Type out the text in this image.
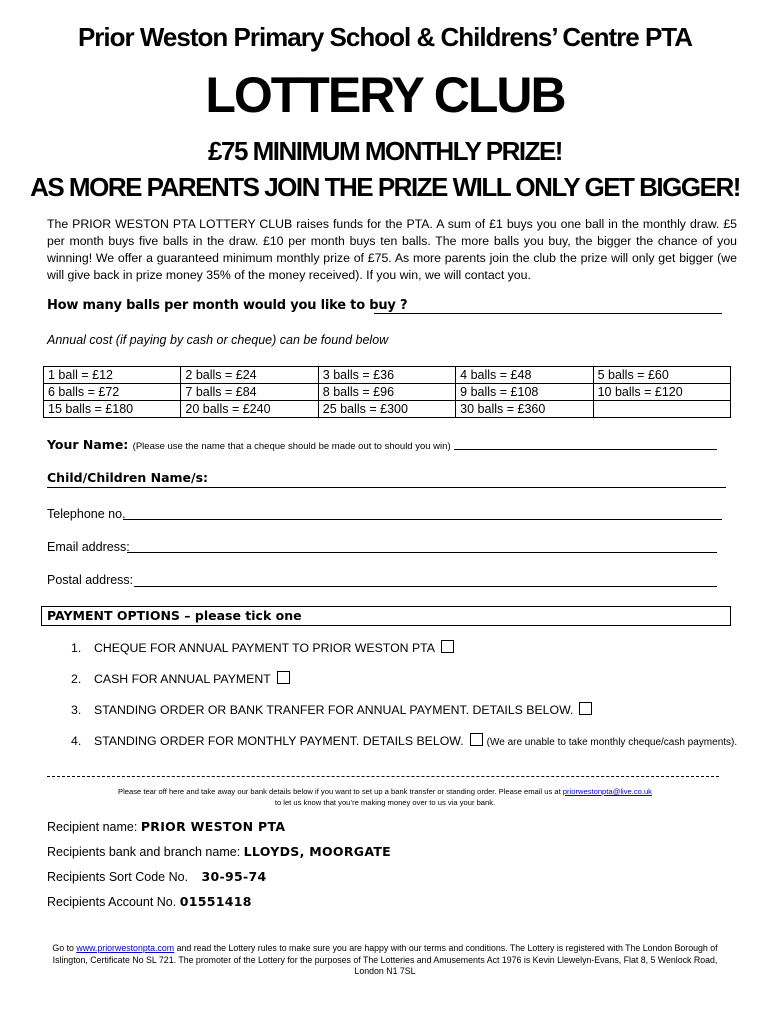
Prior Weston Primary School & Childrens’ Centre PTA
LOTTERY CLUB
£75 MINIMUM MONTHLY PRIZE!
AS MORE PARENTS JOIN THE PRIZE WILL ONLY GET BIGGER!
The PRIOR WESTON PTA LOTTERY CLUB raises funds for the PTA. A sum of £1 buys you one ball in the monthly draw. £5 per month buys five balls in the draw. £10 per month buys ten balls. The more balls you buy, the bigger the chance of you winning! We offer a guaranteed minimum monthly prize of £75. As more parents join the club the prize will only get bigger (we will give back in prize money 35% of the money received). If you win, we will contact you.
How many balls per month would you like to buy ?
Annual cost (if paying by cash or cheque) can be found below
1 ball = £12	2 balls = £24	3 balls = £36	4 balls = £48	5 balls = £60
6 balls = £72	7 balls = £84	8 balls = £96	9 balls = £108	10 balls = £120
15 balls = £180	20 balls = £240	25 balls = £300	30 balls = £360	
Your Name: (Please use the name that a cheque should be made out to should you win)
Child/Children Name/s:
Telephone no.
Email address:
Postal address:
PAYMENT OPTIONS – please tick one
1. CHEQUE FOR ANNUAL PAYMENT TO PRIOR WESTON PTA
2. CASH FOR ANNUAL PAYMENT
3. STANDING ORDER OR BANK TRANFER FOR ANNUAL PAYMENT. DETAILS BELOW.
4. STANDING ORDER FOR MONTHLY PAYMENT. DETAILS BELOW. (We are unable to take monthly cheque/cash payments).
Please tear off here and take away our bank details below if you want to set up a bank transfer or standing order. Please email us at priorwestonpta@live.co.uk
to let us know that you’re making money over to us via your bank.
Recipient name: PRIOR WESTON PTA
Recipients bank and branch name: LLOYDS, MOORGATE
Recipients Sort Code No. 30-95-74
Recipients Account No. 01551418
Go to www.priorwestonpta.com and read the Lottery rules to make sure you are happy with our terms and conditions. The Lottery is registered with The London Borough of Islington, Certificate No SL 721. The promoter of the Lottery for the purposes of The Lotteries and Amusements Act 1976 is Kevin Llewelyn-Evans, Flat 8, 5 Wenlock Road, London N1 7SL
